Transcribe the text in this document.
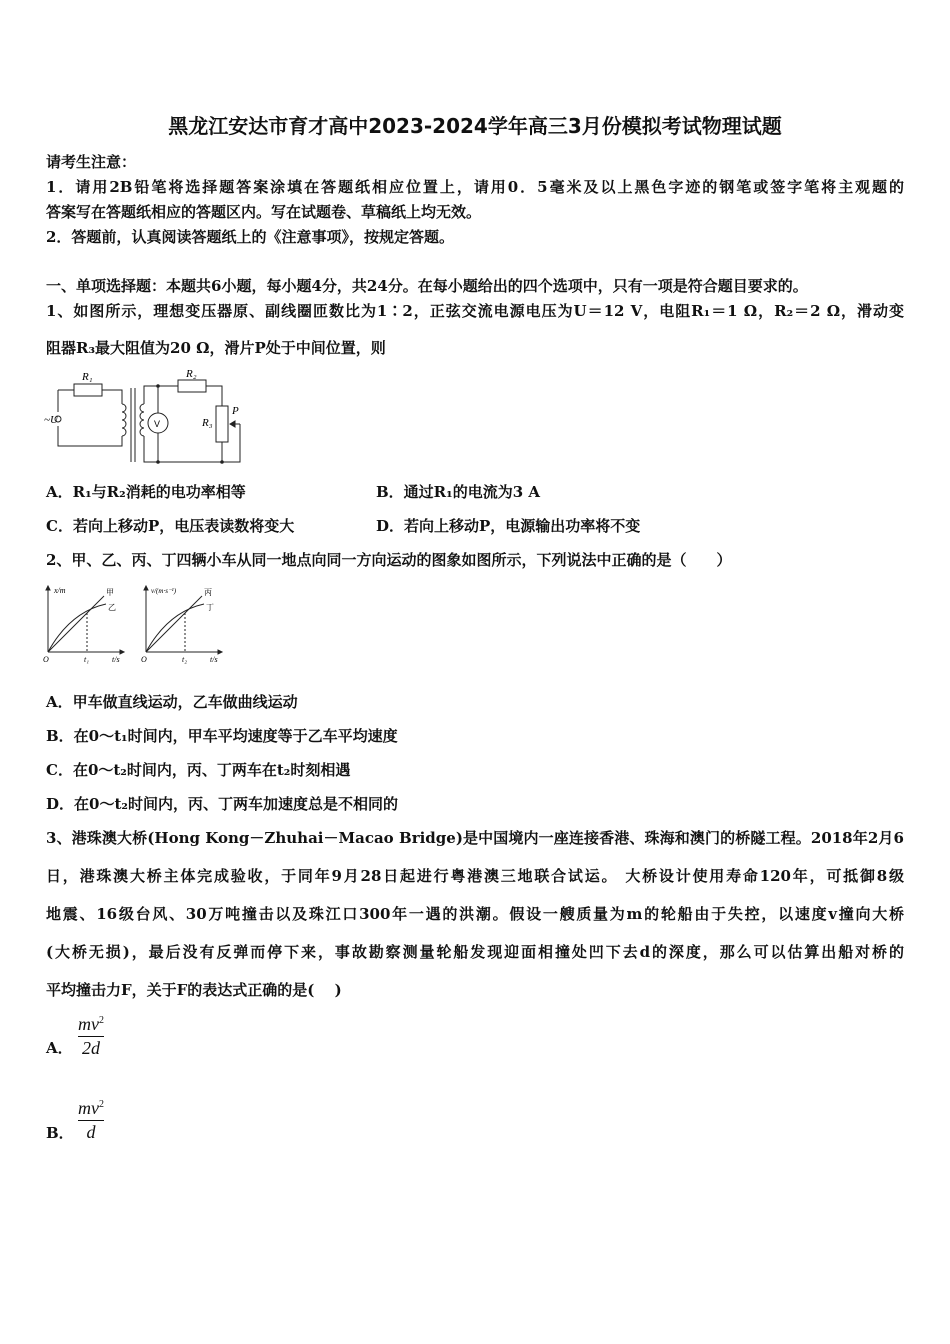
黑龙江安达市育才高中2023-2024学年高三3月份模拟考试物理试题
请考生注意：
1．请用2B铅笔将选择题答案涂填在答题纸相应位置上，请用0．5毫米及以上黑色字迹的钢笔或签字笔将主观题的
答案写在答题纸相应的答题区内。写在试题卷、草稿纸上均无效。
2．答题前，认真阅读答题纸上的《注意事项》，按规定答题。
一、单项选择题：本题共6小题，每小题4分，共24分。在每小题给出的四个选项中，只有一项是符合题目要求的。
1、如图所示，理想变压器原、副线圈匝数比为1∶2，正弦交流电源电压为U＝12 V，电阻R₁＝1 Ω，R₂＝2 Ω，滑动变
阻器R₃最大阻值为20 Ω，滑片P处于中间位置，则
R₁	R₂
R₃
P
~U	V
A．R₁与R₂消耗的电功率相等	B．通过R₁的电流为3 A
C．若向上移动P，电压表读数将变大	D．若向上移动P，电源输出功率将不变
2、甲、乙、丙、丁四辆小车从同一地点向同一方向运动的图象如图所示，下列说法中正确的是（　　）
x/m
t/s
O	t₁
甲
乙
v/(m·s⁻¹)
t/s
O	t₂
丙
丁
A．甲车做直线运动，乙车做曲线运动
B．在0～t₁时间内，甲车平均速度等于乙车平均速度
C．在0～t₂时间内，丙、丁两车在t₂时刻相遇
D．在0～t₂时间内，丙、丁两车加速度总是不相同的
3、港珠澳大桥(Hong Kong－Zhuhai－Macao Bridge)是中国境内一座连接香港、珠海和澳门的桥隧工程。2018年2月6
日，港珠澳大桥主体完成验收，于同年9月28日起进行粤港澳三地联合试运。 大桥设计使用寿命120年，可抵御8级
地震、16级台风、30万吨撞击以及珠江口300年一遇的洪潮。假设一艘质量为m的轮船由于失控，以速度v撞向大桥
(大桥无损)，最后没有反弹而停下来，事故勘察测量轮船发现迎面相撞处凹下去d的深度，那么可以估算出船对桥的
平均撞击力F，关于F的表达式正确的是(　 )
A．
$mv^2$
2d
B．
$mv^2$
d
